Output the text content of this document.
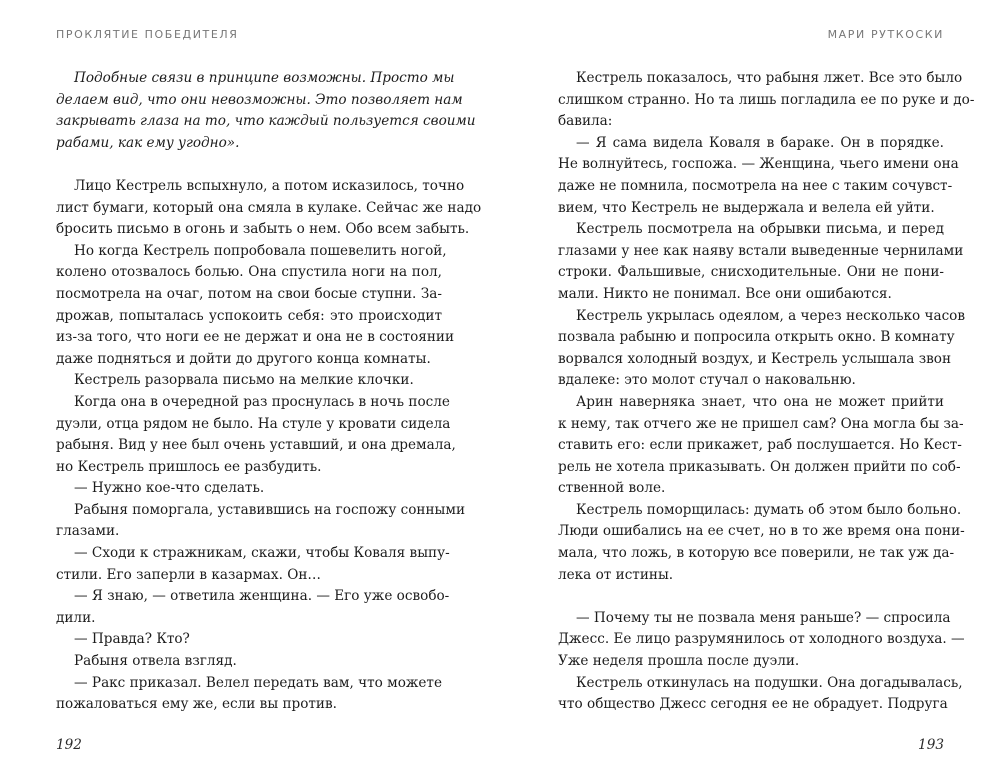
ПРОКЛЯТИЕ ПОБЕДИТЕЛЯ
Подобные связи в принципе возможны. Просто мы
делаем вид, что они невозможны. Это позволяет нам
закрывать глаза на то, что каждый пользуется своими
рабами, как ему угодно».
Лицо Кестрель вспыхнуло, а потом исказилось, точно
лист бумаги, который она смяла в кулаке. Сейчас же надо
бросить письмо в огонь и забыть о нем. Обо всем забыть.
Но когда Кестрель попробовала пошевелить ногой,
колено отозвалось болью. Она спустила ноги на пол,
посмотрела на очаг, потом на свои босые ступни. За-
дрожав, попыталась успокоить себя: это происходит
из-за того, что ноги ее не держат и она не в состоянии
даже подняться и дойти до другого конца комнаты.
Кестрель разорвала письмо на мелкие клочки.
Когда она в очередной раз проснулась в ночь после
дуэли, отца рядом не было. На стуле у кровати сидела
рабыня. Вид у нее был очень уставший, и она дремала,
но Кестрель пришлось ее разбудить.
— Нужно кое-что сделать.
Рабыня поморгала, уставившись на госпожу сонными
глазами.
— Сходи к стражникам, скажи, чтобы Коваля выпу-
стили. Его заперли в казармах. Он…
— Я знаю, — ответила женщина. — Его уже освобо-
дили.
— Правда? Кто?
Рабыня отвела взгляд.
— Ракс приказал. Велел передать вам, что можете
пожаловаться ему же, если вы против.
192
МАРИ РУТКОСКИ
Кестрель показалось, что рабыня лжет. Все это было
слишком странно. Но та лишь погладила ее по руке и до-
бавила:
— Я сама видела Коваля в бараке. Он в порядке.
Не волнуйтесь, госпожа. — Женщина, чьего имени она
даже не помнила, посмотрела на нее с таким сочувст-
вием, что Кестрель не выдержала и велела ей уйти.
Кестрель посмотрела на обрывки письма, и перед
глазами у нее как наяву встали выведенные чернилами
строки. Фальшивые, снисходительные. Они не пони-
мали. Никто не понимал. Все они ошибаются.
Кестрель укрылась одеялом, а через несколько часов
позвала рабыню и попросила открыть окно. В комнату
ворвался холодный воздух, и Кестрель услышала звон
вдалеке: это молот стучал о наковальню.
Арин наверняка знает, что она не может прийти
к нему, так отчего же не пришел сам? Она могла бы за-
ставить его: если прикажет, раб послушается. Но Кест-
рель не хотела приказывать. Он должен прийти по соб-
ственной воле.
Кестрель поморщилась: думать об этом было больно.
Люди ошибались на ее счет, но в то же время она пони-
мала, что ложь, в которую все поверили, не так уж да-
лека от истины.
— Почему ты не позвала меня раньше? — спросила
Джесс. Ее лицо разрумянилось от холодного воздуха. —
Уже неделя прошла после дуэли.
Кестрель откинулась на подушки. Она догадывалась,
что общество Джесс сегодня ее не обрадует. Подруга
193
